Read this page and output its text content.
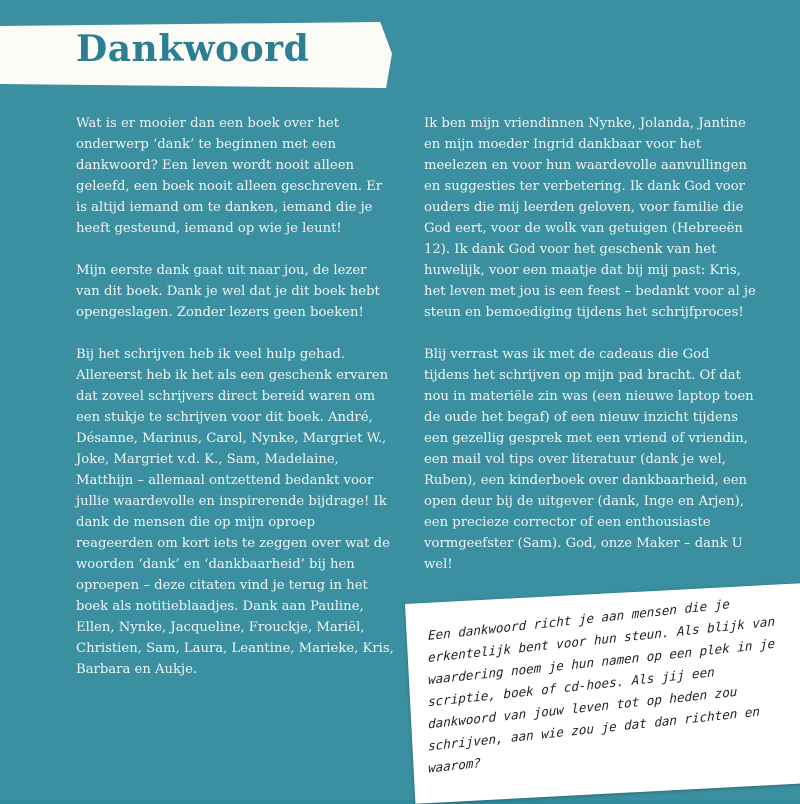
Dankwoord

Wat is er mooier dan een boek over het onderwerp ‘dank’ te beginnen met een dankwoord? Een leven wordt nooit alleen geleefd, een boek nooit alleen geschreven. Er is altijd iemand om te danken, iemand die je heeft gesteund, iemand op wie je leunt!

Mijn eerste dank gaat uit naar jou, de lezer van dit boek. Dank je wel dat je dit boek hebt opengeslagen. Zonder lezers geen boeken!

Bij het schrijven heb ik veel hulp gehad. Allereerst heb ik het als een geschenk ervaren dat zoveel schrijvers direct bereid waren om een stukje te schrijven voor dit boek. André, Désanne, Marinus, Carol, Nynke, Margriet W., Joke, Margriet v.d. K., Sam, Madelaine, Matthijn – allemaal ontzettend bedankt voor jullie waardevolle en inspirerende bijdrage! Ik dank de mensen die op mijn oproep reageerden om kort iets te zeggen over wat de woorden ‘dank’ en ‘dankbaarheid’ bij hen oproepen – deze citaten vind je terug in het boek als notitieblaadjes. Dank aan Pauline, Ellen, Nynke, Jacqueline, Frouckje, Mariël, Christien, Sam, Laura, Leantine, Marieke, Kris, Barbara en Aukje.

Ik ben mijn vriendinnen Nynke, Jolanda, Jantine en mijn moeder Ingrid dankbaar voor het meelezen en voor hun waardevolle aanvullingen en suggesties ter verbetering. Ik dank God voor ouders die mij leerden geloven, voor familie die God eert, voor de wolk van getuigen (Hebreeën 12). Ik dank God voor het geschenk van het huwelijk, voor een maatje dat bij mij past: Kris, het leven met jou is een feest – bedankt voor al je steun en bemoediging tijdens het schrijfproces!

Blij verrast was ik met de cadeaus die God tijdens het schrijven op mijn pad bracht. Of dat nou in materiële zin was (een nieuwe laptop toen de oude het begaf) of een nieuw inzicht tijdens een gezellig gesprek met een vriend of vriendin, een mail vol tips over literatuur (dank je wel, Ruben), een kinderboek over dankbaarheid, een open deur bij de uitgever (dank, Inge en Arjen), een precieze corrector of een enthousiaste vormgeefster (Sam). God, onze Maker – dank U wel!

Een dankwoord richt je aan mensen die je erkentelijk bent voor hun steun. Als blijk van waardering noem je hun namen op een plek in je scriptie, boek of cd-hoes. Als jij een dankwoord van jouw leven tot op heden zou schrijven, aan wie zou je dat dan richten en waarom?
